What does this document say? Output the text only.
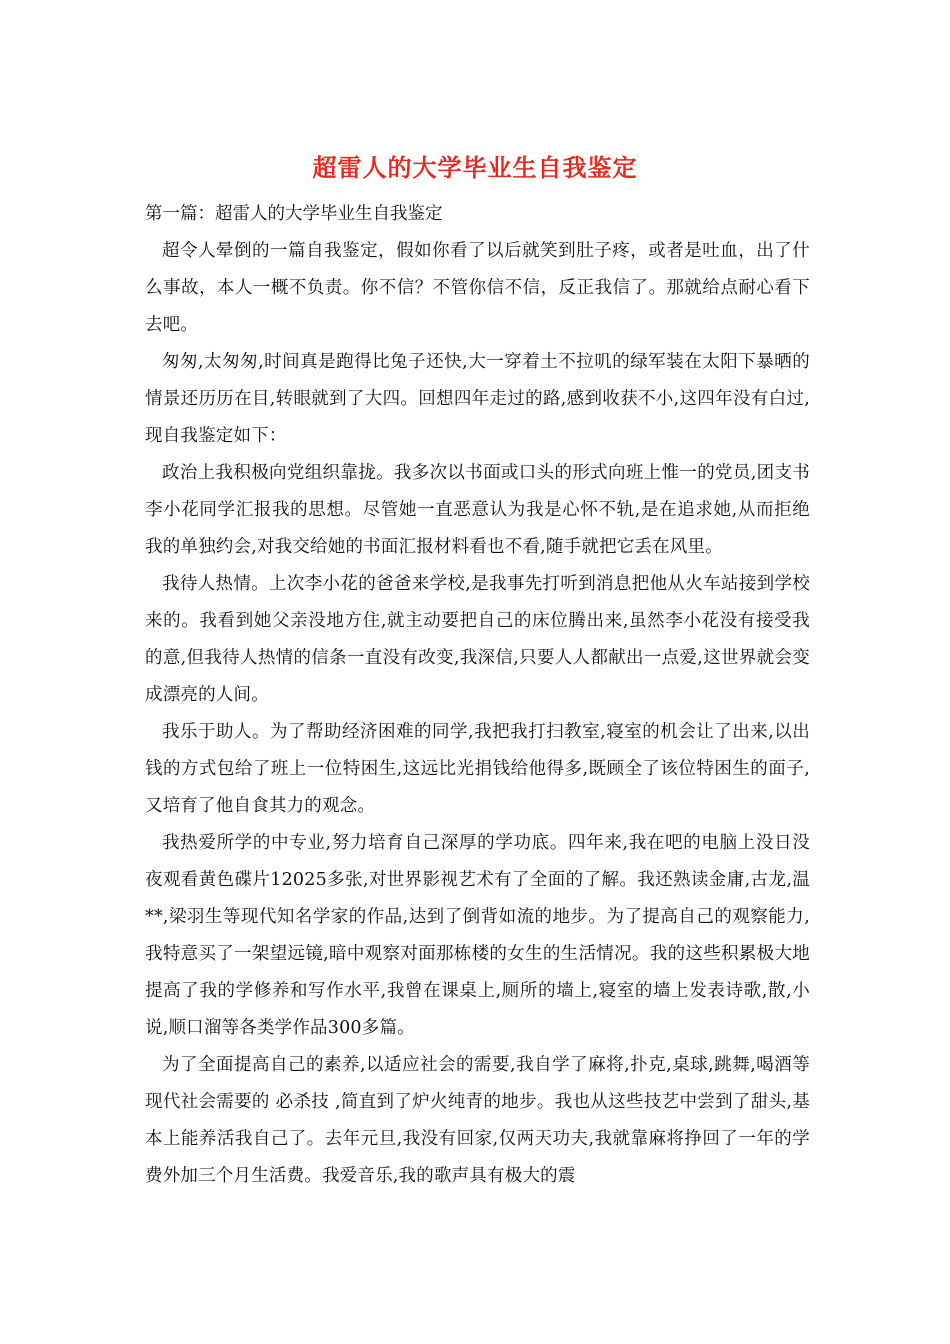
超雷人的大学毕业生自我鉴定

第一篇：超雷人的大学毕业生自我鉴定

超令人晕倒的一篇自我鉴定，假如你看了以后就笑到肚子疼，或者是吐血，出了什么事故，本人一概不负责。你不信？不管你信不信，反正我信了。那就给点耐心看下去吧。

匆匆,太匆匆,时间真是跑得比兔子还快,大一穿着土不拉叽的绿军装在太阳下暴晒的情景还历历在目,转眼就到了大四。回想四年走过的路,感到收获不小,这四年没有白过,现自我鉴定如下：

政治上我积极向党组织靠拢。我多次以书面或口头的形式向班上惟一的党员,团支书李小花同学汇报我的思想。尽管她一直恶意认为我是心怀不轨,是在追求她,从而拒绝我的单独约会,对我交给她的书面汇报材料看也不看,随手就把它丢在风里。

我待人热情。上次李小花的爸爸来学校,是我事先打听到消息把他从火车站接到学校来的。我看到她父亲没地方住,就主动要把自己的床位腾出来,虽然李小花没有接受我的意,但我待人热情的信条一直没有改变,我深信,只要人人都献出一点爱,这世界就会变成漂亮的人间。

我乐于助人。为了帮助经济困难的同学,我把我打扫教室,寝室的机会让了出来,以出钱的方式包给了班上一位特困生,这远比光捐钱给他得多,既顾全了该位特困生的面子,又培育了他自食其力的观念。

我热爱所学的中专业,努力培育自己深厚的学功底。四年来,我在吧的电脑上没日没夜观看黄色碟片12025多张,对世界影视艺术有了全面的了解。我还熟读金庸,古龙,温**,梁羽生等现代知名学家的作品,达到了倒背如流的地步。为了提高自己的观察能力,我特意买了一架望远镜,暗中观察对面那栋楼的女生的生活情况。我的这些积累极大地提高了我的学修养和写作水平,我曾在课桌上,厕所的墙上,寝室的墙上发表诗歌,散,小说,顺口溜等各类学作品300多篇。

为了全面提高自己的素养,以适应社会的需要,我自学了麻将,扑克,桌球,跳舞,喝酒等现代社会需要的 必杀技 ,简直到了炉火纯青的地步。我也从这些技艺中尝到了甜头,基本上能养活我自己了。去年元旦,我没有回家,仅两天功夫,我就靠麻将挣回了一年的学费外加三个月生活费。我爱音乐,我的歌声具有极大的震
